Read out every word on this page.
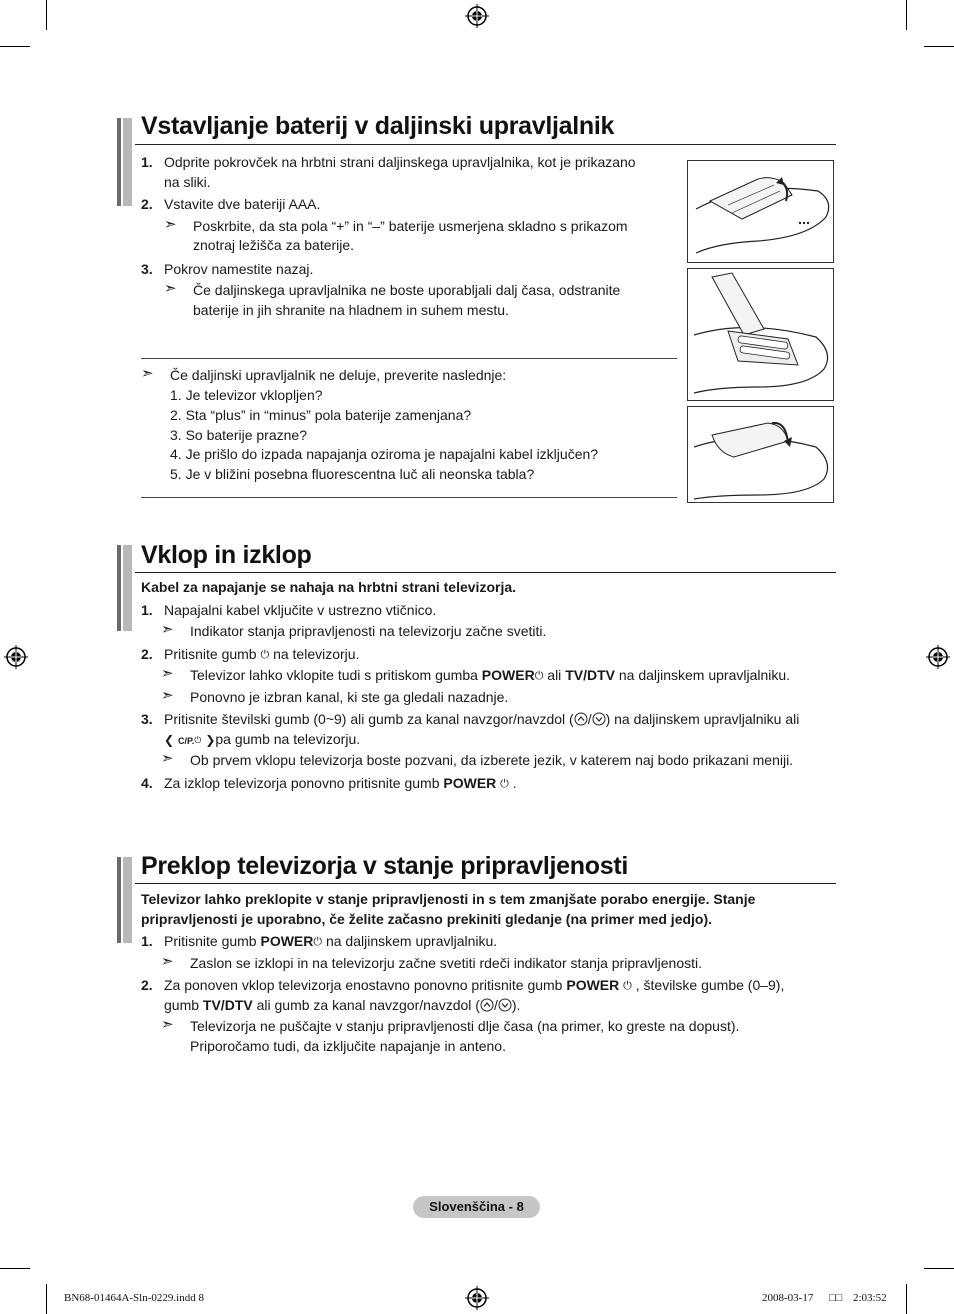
Vstavljanje baterij v daljinski upravljalnik
1. Odprite pokrovček na hrbtni strani daljinskega upravljalnika, kot je prikazano
na sliki.
2. Vstavite dve bateriji AAA.
➣ Poskrbite, da sta pola “+” in “–” baterije usmerjena skladno s prikazom
znotraj ležišča za baterije.
3. Pokrov namestite nazaj.
➣ Če daljinskega upravljalnika ne boste uporabljali dalj časa, odstranite
baterije in jih shranite na hladnem in suhem mestu.
➣ Če daljinski upravljalnik ne deluje, preverite naslednje:
1. Je televizor vklopljen?
2. Sta “plus” in “minus” pola baterije zamenjana?
3. So baterije prazne?
4. Je prišlo do izpada napajanja oziroma je napajalni kabel izključen?
5. Je v bližini posebna fluorescentna luč ali neonska tabla?
Vklop in izklop
Kabel za napajanje se nahaja na hrbtni strani televizorja.
1. Napajalni kabel vključite v ustrezno vtičnico.
➣ Indikator stanja pripravljenosti na televizorju začne svetiti.
2. Pritisnite gumb ⏻ na televizorju.
➣ Televizor lahko vklopite tudi s pritiskom gumba POWER⏻ ali TV/DTV na daljinskem upravljalniku.
➣ Ponovno je izbran kanal, ki ste ga gledali nazadnje.
3. Pritisnite številski gumb (0~9) ali gumb za kanal navzgor/navzdol ( / ) na daljinskem upravljalniku ali
❮ C/P.⏻ ❯pa gumb na televizorju.
➣ Ob prvem vklopu televizorja boste pozvani, da izberete jezik, v katerem naj bodo prikazani meniji.
4. Za izklop televizorja ponovno pritisnite gumb POWER ⏻ .
Preklop televizorja v stanje pripravljenosti
Televizor lahko preklopite v stanje pripravljenosti in s tem zmanjšate porabo energije. Stanje
pripravljenosti je uporabno, če želite začasno prekiniti gledanje (na primer med jedjo).
1. Pritisnite gumb POWER⏻ na daljinskem upravljalniku.
➣ Zaslon se izklopi in na televizorju začne svetiti rdeči indikator stanja pripravljenosti.
2. Za ponoven vklop televizorja enostavno ponovno pritisnite gumb POWER ⏻ , številske gumbe (0–9),
gumb TV/DTV ali gumb za kanal navzgor/navzdol ( / ).
➣ Televizorja ne puščajte v stanju pripravljenosti dlje časa (na primer, ko greste na dopust).
Priporočamo tudi, da izključite napajanje in anteno.
Slovenščina - 8
BN68-01464A-Sln-0229.indd 8	2008-03-17 □□ 2:03:52
